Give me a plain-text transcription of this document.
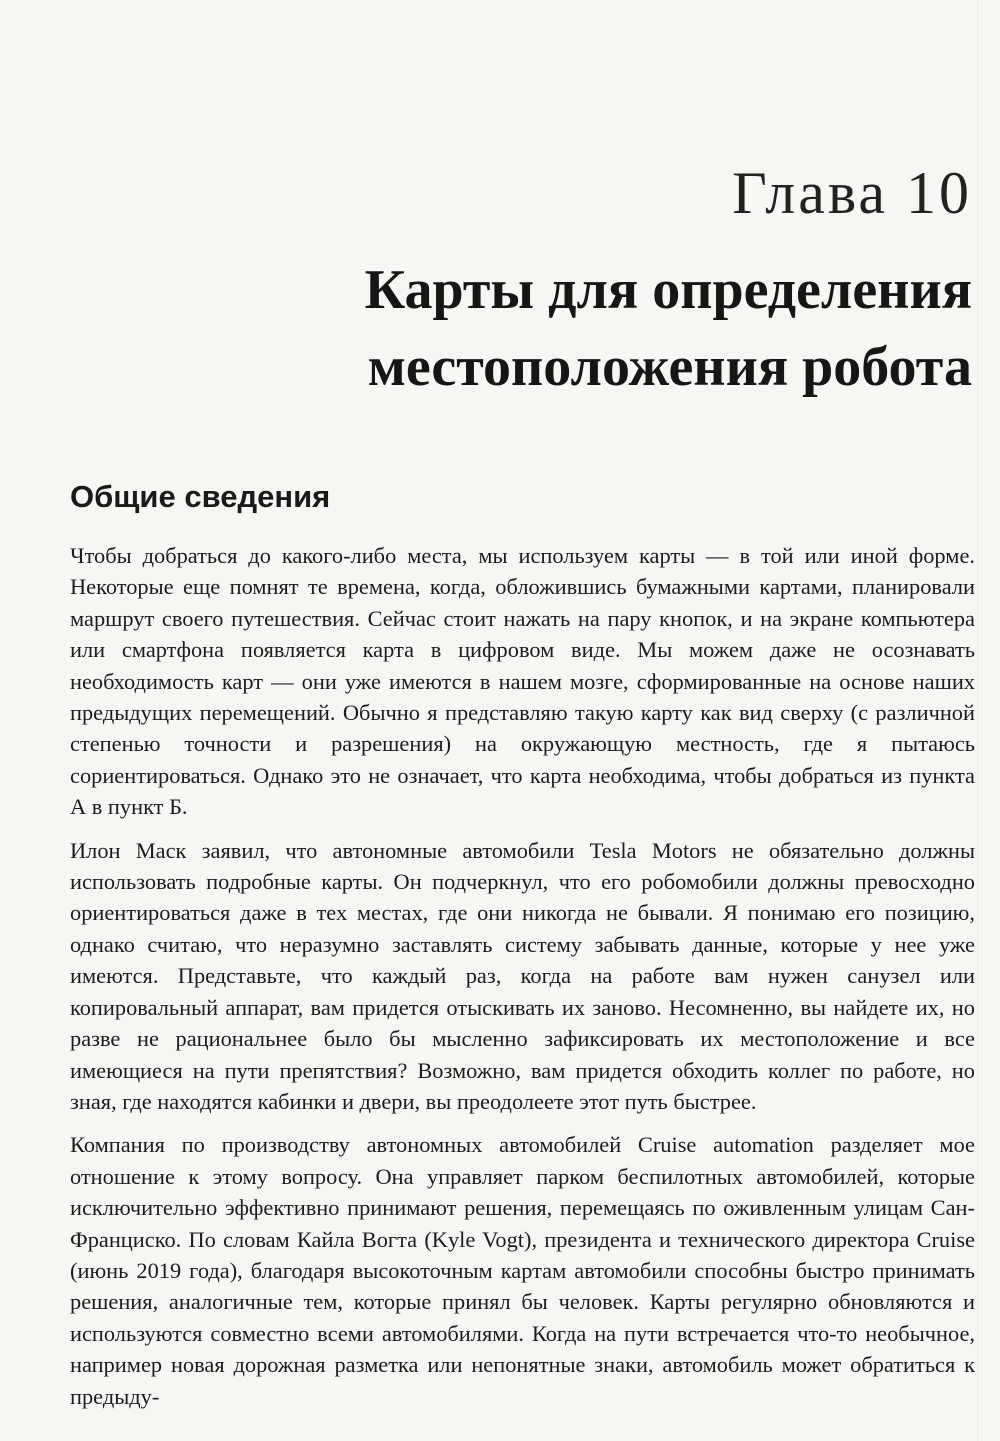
Глава 10
Карты для определения
местоположения робота
Общие сведения

Чтобы добраться до какого-либо места, мы используем карты — в той или иной форме. Некоторые еще помнят те времена, когда, обложившись бумажными картами, планировали маршрут своего путешествия. Сейчас стоит нажать на пару кнопок, и на экране компьютера или смартфона появляется карта в цифровом виде. Мы можем даже не осознавать необходимость карт — они уже имеются в нашем мозге, сформированные на основе наших предыдущих перемещений. Обычно я представляю такую карту как вид сверху (с различной степенью точности и разрешения) на окружающую местность, где я пытаюсь сориентироваться. Однако это не означает, что карта необходима, чтобы добраться из пункта А в пункт Б.

Илон Маск заявил, что автономные автомобили Tesla Motors не обязательно должны использовать подробные карты. Он подчеркнул, что его робомобили должны превосходно ориентироваться даже в тех местах, где они никогда не бывали. Я понимаю его позицию, однако считаю, что неразумно заставлять систему забывать данные, которые у нее уже имеются. Представьте, что каждый раз, когда на работе вам нужен санузел или копировальный аппарат, вам придется отыскивать их заново. Несомненно, вы найдете их, но разве не рациональнее было бы мысленно зафиксировать их местоположение и все имеющиеся на пути препятствия? Возможно, вам придется обходить коллег по работе, но зная, где находятся кабинки и двери, вы преодолеете этот путь быстрее.

Компания по производству автономных автомобилей Cruise automation разделяет мое отношение к этому вопросу. Она управляет парком беспилотных автомобилей, которые исключительно эффективно принимают решения, перемещаясь по оживленным улицам Сан-Франциско. По словам Кайла Вогта (Kyle Vogt), президента и технического директора Cruise (июнь 2019 года), благодаря высокоточным картам автомобили способны быстро принимать решения, аналогичные тем, которые принял бы человек. Карты регулярно обновляются и используются совместно всеми автомобилями. Когда на пути встречается что-то необычное, например новая дорожная разметка или непонятные знаки, автомобиль может обратиться к предыду-
